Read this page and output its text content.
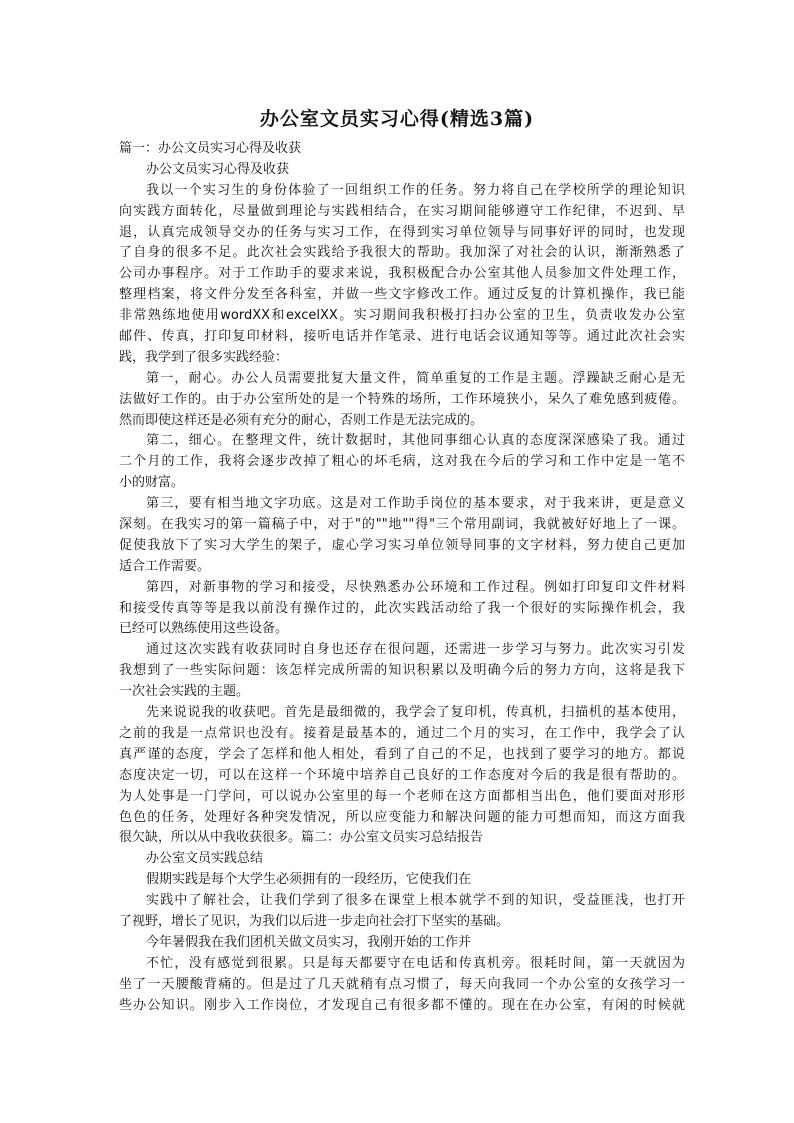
办公室文员实习心得(精选3篇)
篇一：办公文员实习心得及收获
办公文员实习心得及收获
我以一个实习生的身份体验了一回组织工作的任务。努力将自己在学校所学的理论知识
向实践方面转化，尽量做到理论与实践相结合，在实习期间能够遵守工作纪律，不迟到、早
退，认真完成领导交办的任务与实习工作，在得到实习单位领导与同事好评的同时，也发现
了自身的很多不足。此次社会实践给予我很大的帮助。我加深了对社会的认识，渐渐熟悉了
公司办事程序。对于工作助手的要求来说，我积极配合办公室其他人员参加文件处理工作，
整理档案，将文件分发至各科室，并做一些文字修改工作。通过反复的计算机操作，我已能
非常熟练地使用wordXX和excelXX。实习期间我积极打扫办公室的卫生，负责收发办公室
邮件、传真，打印复印材料，接听电话并作笔录、进行电话会议通知等等。通过此次社会实
践，我学到了很多实践经验：
第一，耐心。办公人员需要批复大量文件，简单重复的工作是主题。浮躁缺乏耐心是无
法做好工作的。由于办公室所处的是一个特殊的场所，工作环境狭小，呆久了难免感到疲倦。
然而即使这样还是必须有充分的耐心，否则工作是无法完成的。
第二，细心。在整理文件，统计数据时，其他同事细心认真的态度深深感染了我。通过
二个月的工作，我将会逐步改掉了粗心的坏毛病，这对我在今后的学习和工作中定是一笔不
小的财富。
第三，要有相当地文字功底。这是对工作助手岗位的基本要求，对于我来讲，更是意义
深刻。在我实习的第一篇稿子中，对于"的""地""得"三个常用副词，我就被好好地上了一课。
促使我放下了实习大学生的架子，虚心学习实习单位领导同事的文字材料，努力使自己更加
适合工作需要。
第四，对新事物的学习和接受，尽快熟悉办公环境和工作过程。例如打印复印文件材料
和接受传真等等是我以前没有操作过的，此次实践活动给了我一个很好的实际操作机会，我
已经可以熟练使用这些设备。
通过这次实践有收获同时自身也还存在很问题，还需进一步学习与努力。此次实习引发
我想到了一些实际问题：该怎样完成所需的知识积累以及明确今后的努力方向，这将是我下
一次社会实践的主题。
先来说说我的收获吧。首先是最细微的，我学会了复印机，传真机，扫描机的基本使用，
之前的我是一点常识也没有。接着是最基本的，通过二个月的实习，在工作中，我学会了认
真严谨的态度，学会了怎样和他人相处，看到了自己的不足，也找到了要学习的地方。都说
态度决定一切，可以在这样一个环境中培养自己良好的工作态度对今后的我是很有帮助的。
为人处事是一门学问，可以说办公室里的每一个老师在这方面都相当出色，他们要面对形形
色色的任务，处理好各种突发情况，所以应变能力和解决问题的能力可想而知，而这方面我
很欠缺，所以从中我收获很多。篇二：办公室文员实习总结报告
办公室文员实践总结
假期实践是每个大学生必须拥有的一段经历，它使我们在
实践中了解社会，让我们学到了很多在课堂上根本就学不到的知识，受益匪浅，也打开
了视野，增长了见识，为我们以后进一步走向社会打下坚实的基础。
今年暑假我在我们团机关做文员实习，我刚开始的工作并
不忙，没有感觉到很累。只是每天都要守在电话和传真机旁。很耗时间，第一天就因为
坐了一天腰酸背痛的。但是过了几天就稍有点习惯了，每天向我同一个办公室的女孩学习一
些办公知识。刚步入工作岗位，才发现自己有很多都不懂的。现在在办公室，有闲的时候就
